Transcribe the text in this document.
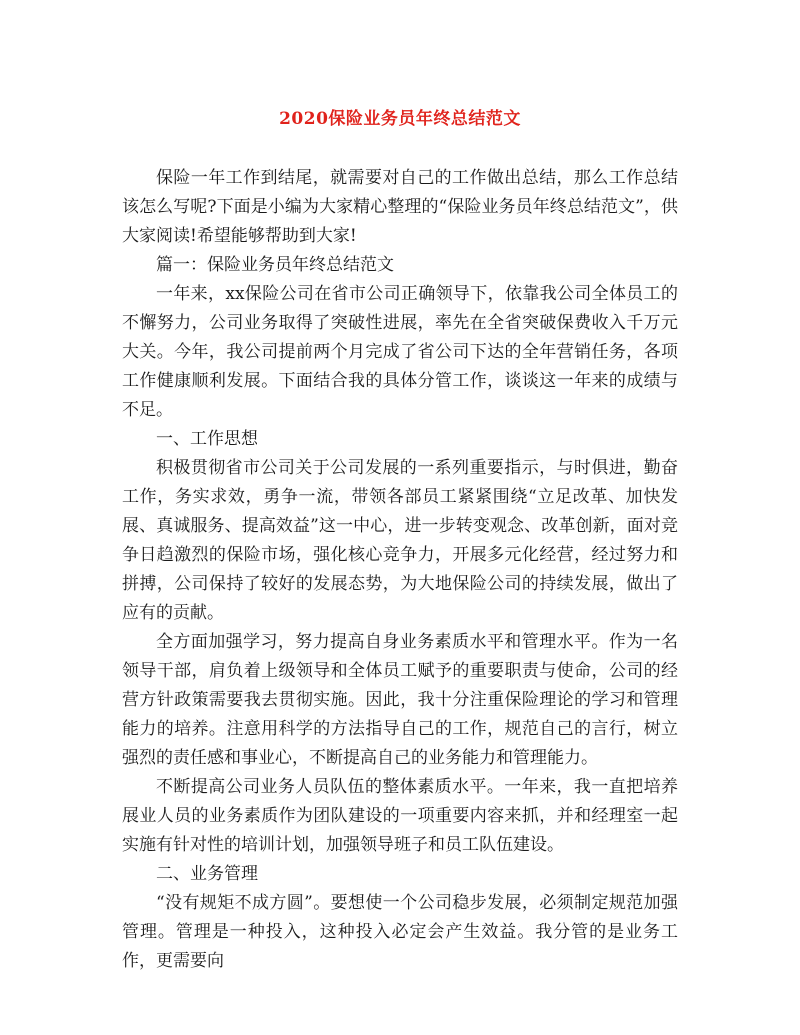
2020保险业务员年终总结范文

保险一年工作到结尾，就需要对自己的工作做出总结，那么工作总结该怎么写呢?下面是小编为大家精心整理的“保险业务员年终总结范文”，供大家阅读!希望能够帮助到大家!

篇一：保险业务员年终总结范文

一年来，xx保险公司在省市公司正确领导下，依靠我公司全体员工的不懈努力，公司业务取得了突破性进展，率先在全省突破保费收入千万元大关。今年，我公司提前两个月完成了省公司下达的全年营销任务，各项工作健康顺利发展。下面结合我的具体分管工作，谈谈这一年来的成绩与不足。

一、工作思想

积极贯彻省市公司关于公司发展的一系列重要指示，与时俱进，勤奋工作，务实求效，勇争一流，带领各部员工紧紧围绕“立足改革、加快发展、真诚服务、提高效益”这一中心，进一步转变观念、改革创新，面对竞争日趋激烈的保险市场，强化核心竞争力，开展多元化经营，经过努力和拼搏，公司保持了较好的发展态势，为大地保险公司的持续发展，做出了应有的贡献。

全方面加强学习，努力提高自身业务素质水平和管理水平。作为一名领导干部，肩负着上级领导和全体员工赋予的重要职责与使命，公司的经营方针政策需要我去贯彻实施。因此，我十分注重保险理论的学习和管理能力的培养。注意用科学的方法指导自己的工作，规范自己的言行，树立强烈的责任感和事业心，不断提高自己的业务能力和管理能力。

不断提高公司业务人员队伍的整体素质水平。一年来，我一直把培养展业人员的业务素质作为团队建设的一项重要内容来抓，并和经理室一起实施有针对性的培训计划，加强领导班子和员工队伍建设。

二、业务管理

“没有规矩不成方圆”。要想使一个公司稳步发展，必须制定规范加强管理。管理是一种投入，这种投入必定会产生效益。我分管的是业务工作，更需要向
